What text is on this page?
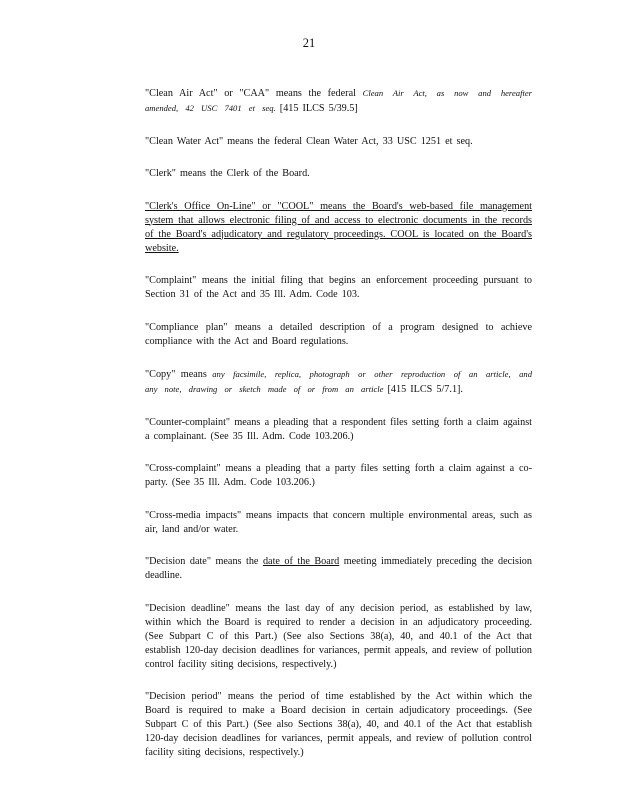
21

"Clean Air Act" or "CAA" means the federal Clean Air Act, as now and hereafter amended, 42 USC 7401 et seq. [415 ILCS 5/39.5]

"Clean Water Act" means the federal Clean Water Act, 33 USC 1251 et seq.

"Clerk" means the Clerk of the Board.

"Clerk's Office On-Line" or "COOL" means the Board's web-based file management system that allows electronic filing of and access to electronic documents in the records of the Board's adjudicatory and regulatory proceedings. COOL is located on the Board's website.

"Complaint" means the initial filing that begins an enforcement proceeding pursuant to Section 31 of the Act and 35 Ill. Adm. Code 103.

"Compliance plan" means a detailed description of a program designed to achieve compliance with the Act and Board regulations.

"Copy" means any facsimile, replica, photograph or other reproduction of an article, and any note, drawing or sketch made of or from an article [415 ILCS 5/7.1].

"Counter-complaint" means a pleading that a respondent files setting forth a claim against a complainant. (See 35 Ill. Adm. Code 103.206.)

"Cross-complaint" means a pleading that a party files setting forth a claim against a co-party. (See 35 Ill. Adm. Code 103.206.)

"Cross-media impacts" means impacts that concern multiple environmental areas, such as air, land and/or water.

"Decision date" means the date of the Board meeting immediately preceding the decision deadline.

"Decision deadline" means the last day of any decision period, as established by law, within which the Board is required to render a decision in an adjudicatory proceeding. (See Subpart C of this Part.) (See also Sections 38(a), 40, and 40.1 of the Act that establish 120-day decision deadlines for variances, permit appeals, and review of pollution control facility siting decisions, respectively.)

"Decision period" means the period of time established by the Act within which the Board is required to make a Board decision in certain adjudicatory proceedings. (See Subpart C of this Part.) (See also Sections 38(a), 40, and 40.1 of the Act that establish 120-day decision deadlines for variances, permit appeals, and review of pollution control facility siting decisions, respectively.)
